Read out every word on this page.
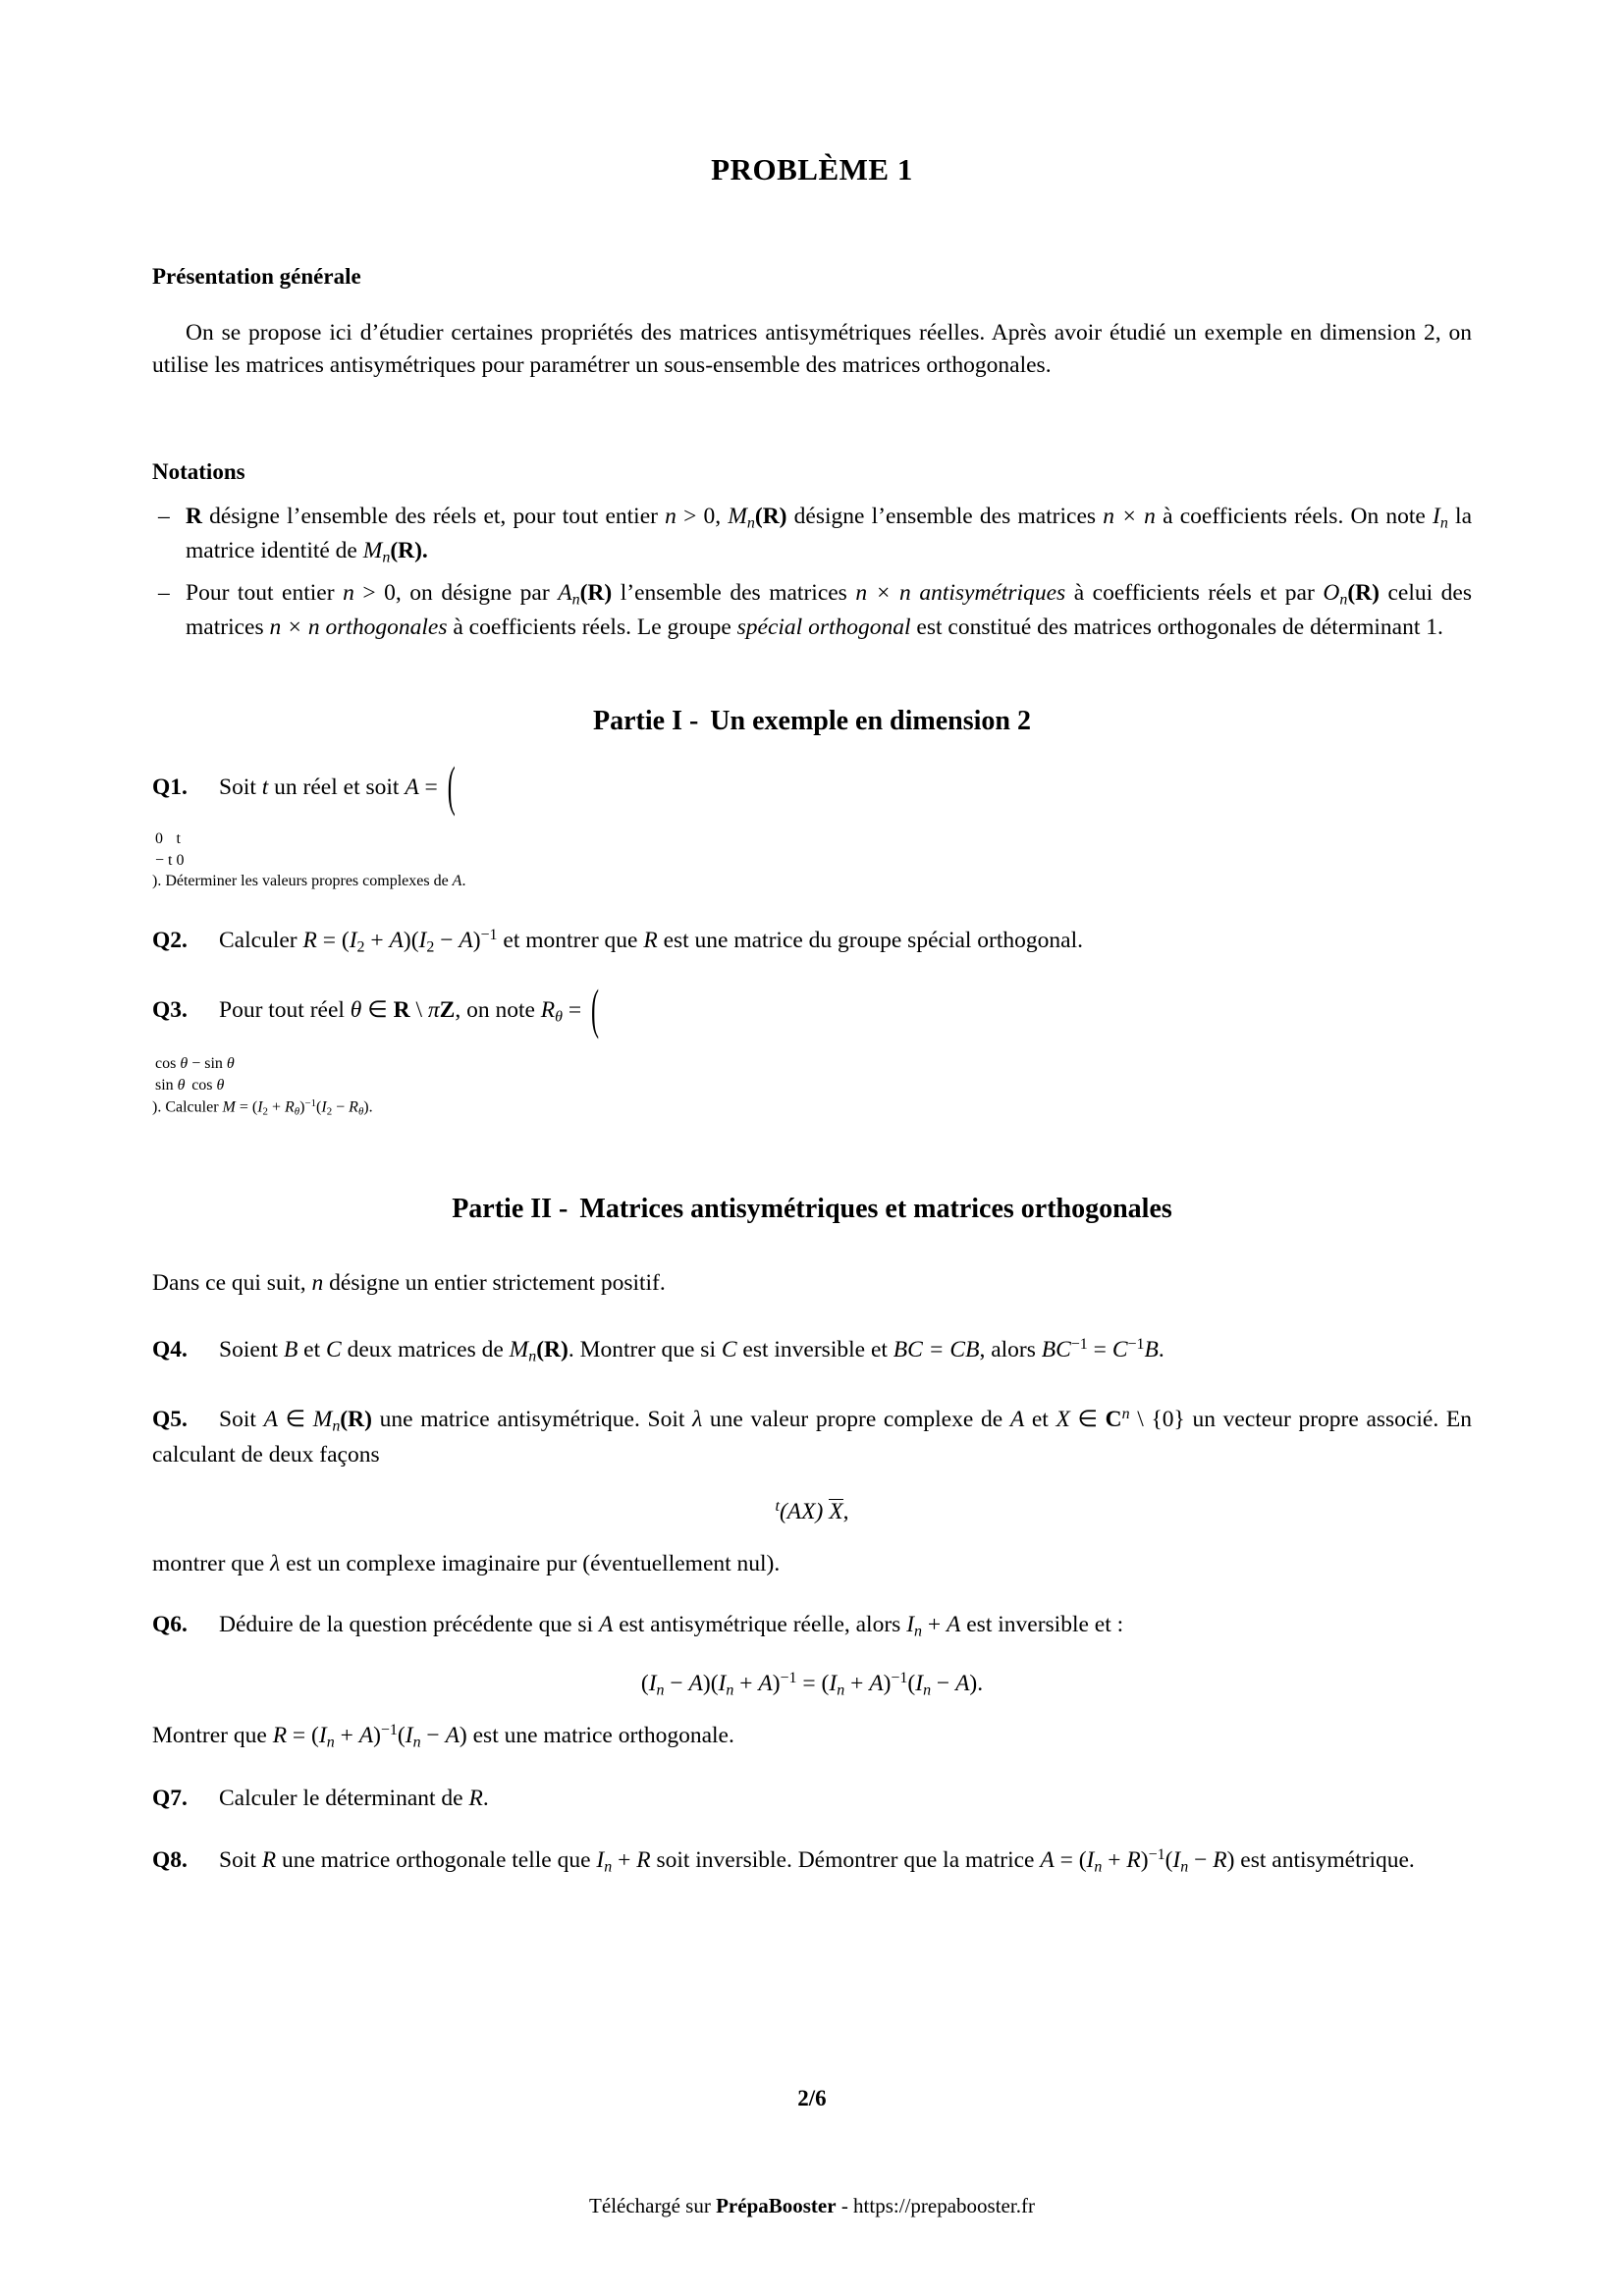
PROBLÈME 1
Présentation générale

On se propose ici d’étudier certaines propriétés des matrices antisymétriques réelles. Après avoir étudié un exemple en dimension 2, on utilise les matrices antisymétriques pour paramétrer un sous-ensemble des matrices orthogonales.

Notations
– R désigne l’ensemble des réels et, pour tout entier n > 0, $M_n(R)$ désigne l’ensemble des matrices n × n à coefficients réels. On note $I_n$ la matrice identité de $M_n(R)$.
– Pour tout entier n > 0, on désigne par $A_n(R)$ l’ensemble des matrices n × n antisymétriques à coefficients réels et par $O_n(R)$ celui des matrices n × n orthogonales à coefficients réels. Le groupe spécial orthogonal est constitué des matrices orthogonales de déterminant 1.
Partie I - Un exemple en dimension 2

Q1. Soit t un réel et soit A = (

0	t
− t	0
). Déterminer les valeurs propres complexes de A.

Q2. Calculer $R = (I_2 + A)(I_2 - A)^{-1}$ et montrer que R est une matrice du groupe spécial orthogonal.

Q3. Pour tout réel θ ∈ R \ πZ, on note $R_\theta$ = (

cos θ	− sin θ
sin θ	cos θ
). Calculer $M = (I_2 + R_\theta)^{-1}(I_2 - R_\theta)$.

Partie II - Matrices antisymétriques et matrices orthogonales

Dans ce qui suit, n désigne un entier strictement positif.

Q4. Soient B et C deux matrices de $M_n(R)$. Montrer que si C est inversible et BC = CB, alors $BC^{-1} = C^{-1}B$.

Q5. Soit A ∈ $M_n(R)$ une matrice antisymétrique. Soit λ une valeur propre complexe de A et X ∈ $C^n$ \ {0} un vecteur propre associé. En calculant de deux façons

$^t$(AX) X,

montrer que λ est un complexe imaginaire pur (éventuellement nul).

Q6. Déduire de la question précédente que si A est antisymétrique réelle, alors $I_n + A$ est inversible et :

$(I_n - A)(I_n + A)^{-1} = (I_n + A)^{-1}(I_n - A)$.

Montrer que $R = (I_n + A)^{-1}(I_n - A)$ est une matrice orthogonale.

Q7. Calculer le déterminant de R.

Q8. Soit R une matrice orthogonale telle que $I_n + R$ soit inversible. Démontrer que la matrice $A = (I_n + R)^{-1}(I_n - R)$ est antisymétrique.

2/6
Téléchargé sur PrépaBooster - https://prepabooster.fr
